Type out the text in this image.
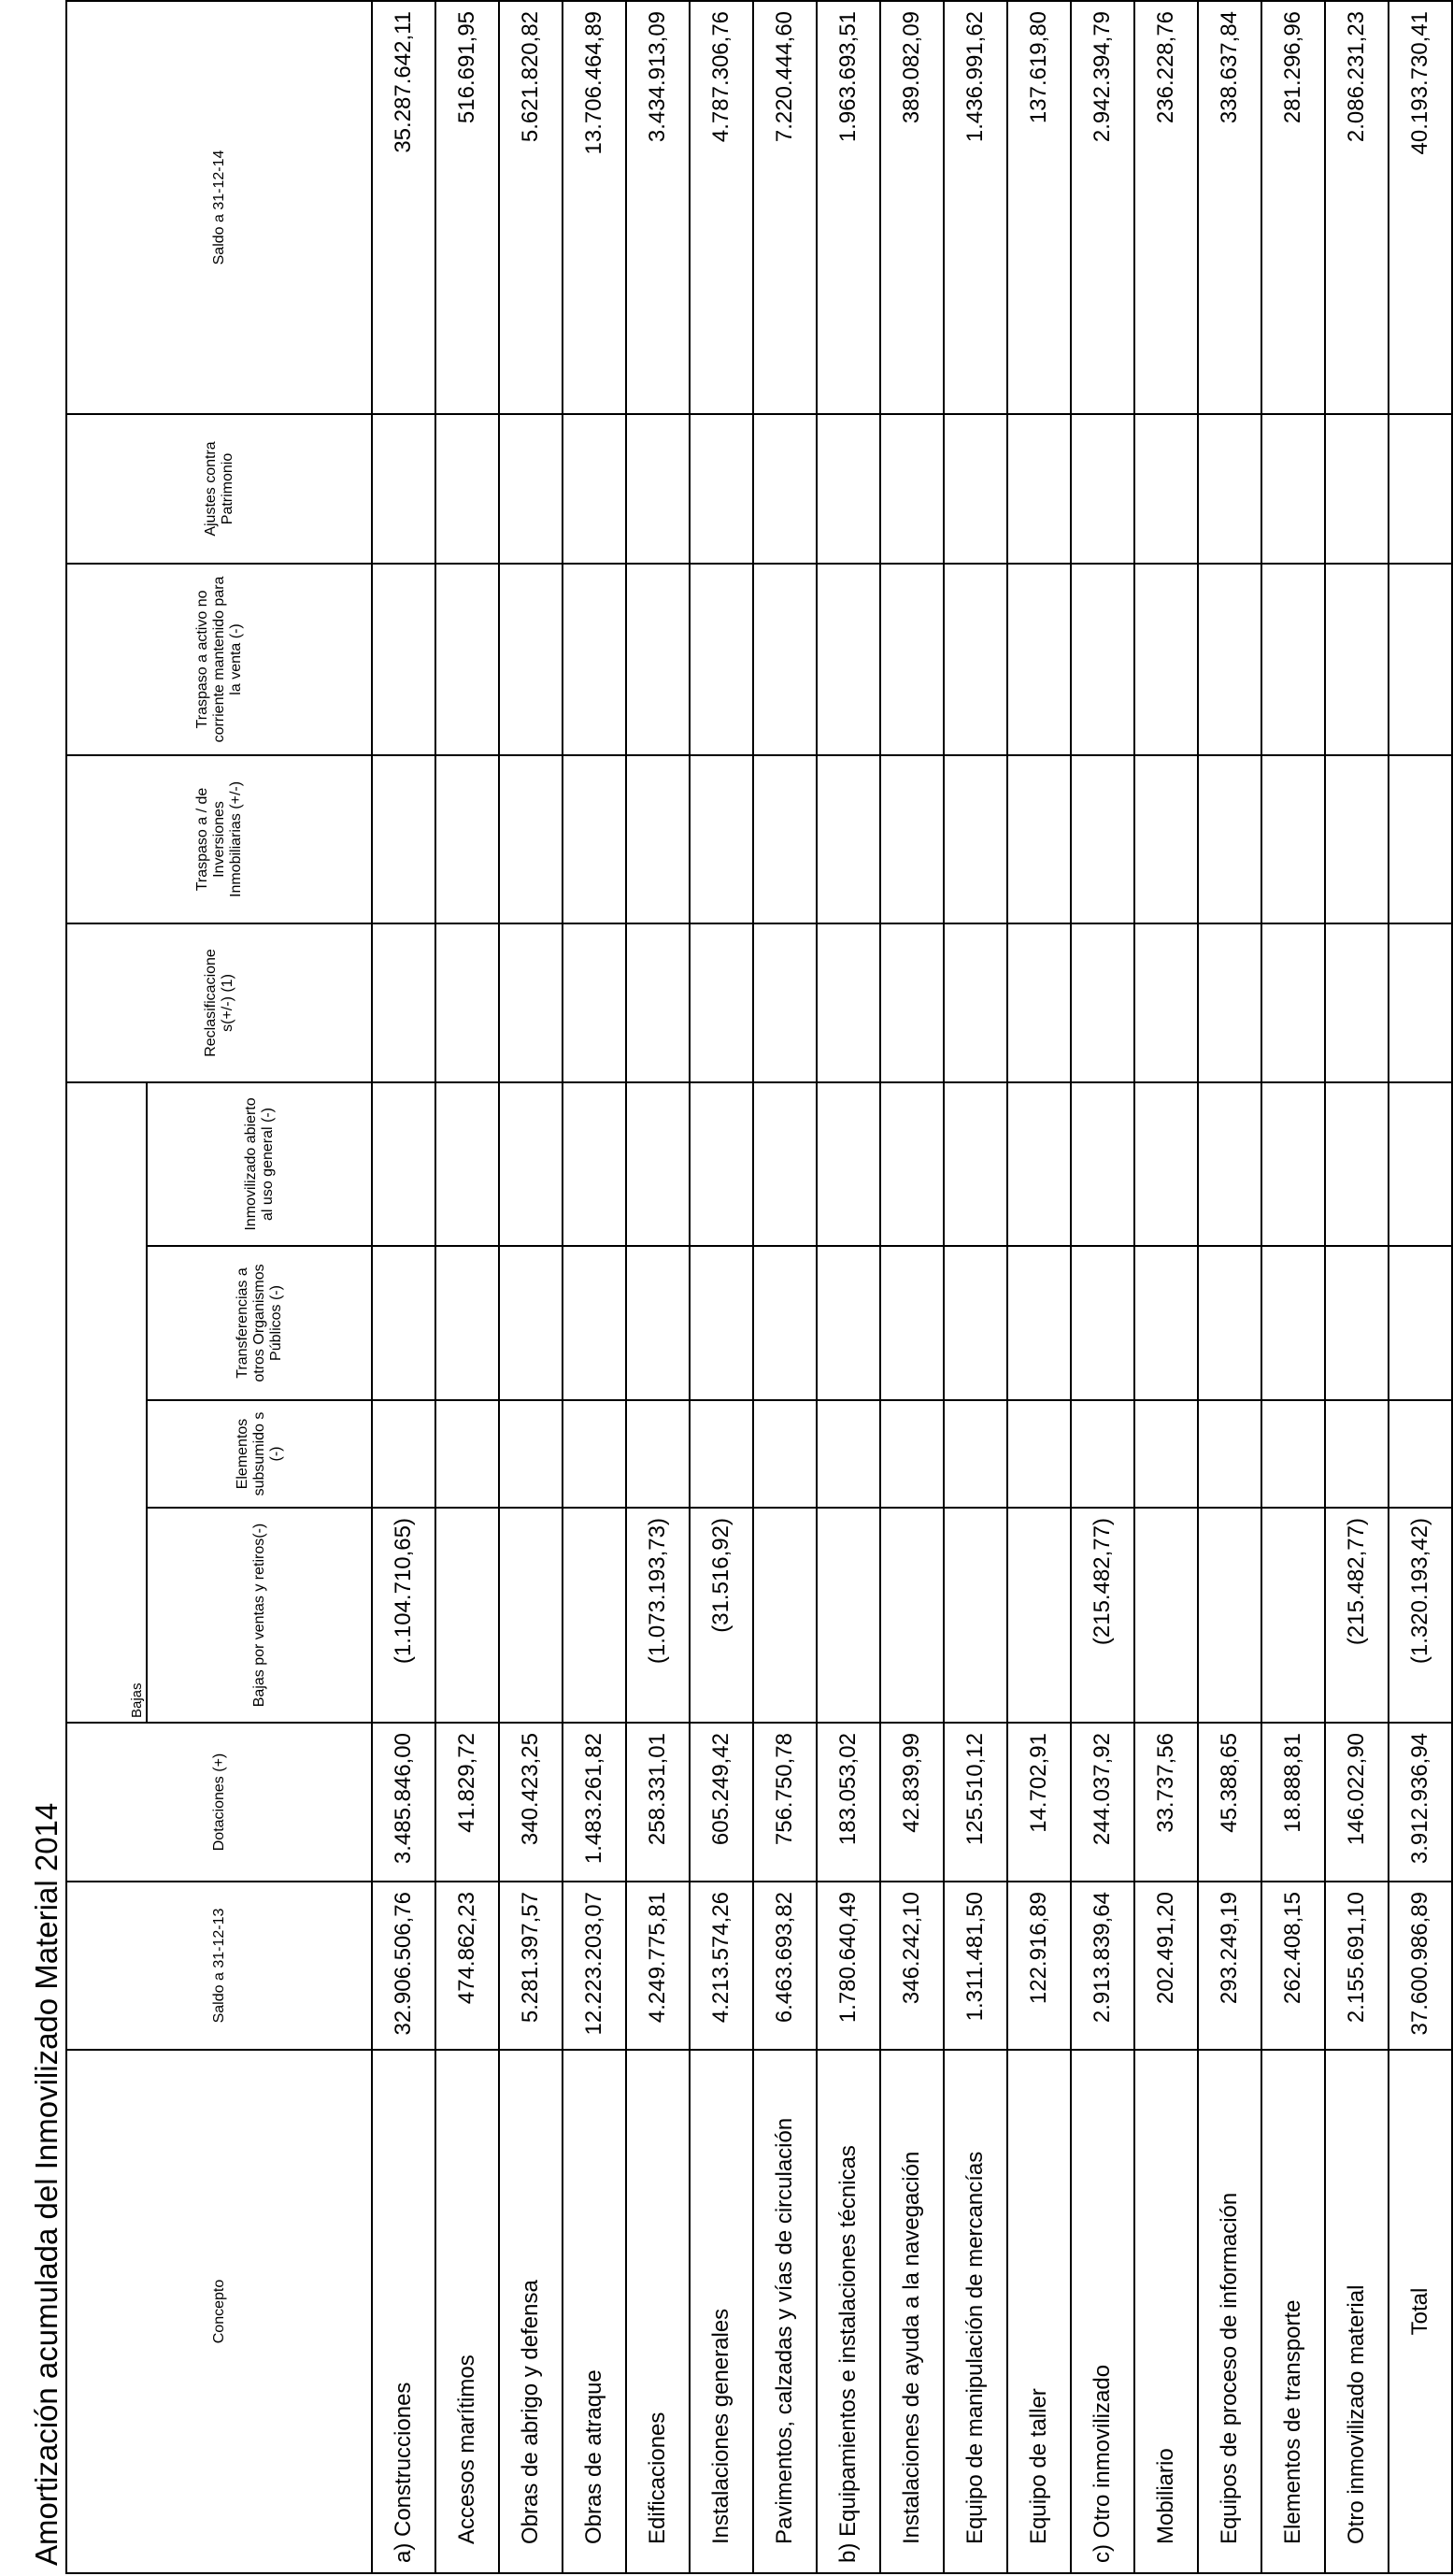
Amortización acumulada del Inmovilizado Material 2014	Concepto	Saldo a 31-12-13	Dotaciones (+)	Bajas				Reclasificacione s(+/-) (1)	Traspaso a / de Inversiones Inmobiliarias (+/-)	Traspaso a activo no corriente mantenido para la venta (-)	Ajustes contra Patrimonio	Saldo a 31-12-14
			Bajas por ventas y retiros(-)	Elementos subsumido s (-)	Transferencias a otros Organismos Públicos (-)	Inmovilizado abierto al uso general (-)					
a) Construcciones	32.906.506,76	3.485.846,00	(1.104.710,65)								35.287.642,11
Accesos marítimos	474.862,23	41.829,72									516.691,95
Obras de abrigo y defensa	5.281.397,57	340.423,25									5.621.820,82
Obras de atraque	12.223.203,07	1.483.261,82									13.706.464,89
Edificaciones	4.249.775,81	258.331,01	(1.073.193,73)								3.434.913,09
Instalaciones generales	4.213.574,26	605.249,42	(31.516,92)								4.787.306,76
Pavimentos, calzadas y vías de circulación	6.463.693,82	756.750,78									7.220.444,60
b) Equipamientos e instalaciones técnicas	1.780.640,49	183.053,02									1.963.693,51
Instalaciones de ayuda a la navegación	346.242,10	42.839,99									389.082,09
Equipo de manipulación de mercancías	1.311.481,50	125.510,12									1.436.991,62
Equipo de taller	122.916,89	14.702,91									137.619,80
c) Otro inmovilizado	2.913.839,64	244.037,92	(215.482,77)								2.942.394,79
Mobiliario	202.491,20	33.737,56									236.228,76
Equipos de proceso de información	293.249,19	45.388,65									338.637,84
Elementos de transporte	262.408,15	18.888,81									281.296,96
Otro inmovilizado material	2.155.691,10	146.022,90	(215.482,77)								2.086.231,23
Total	37.600.986,89	3.912.936,94	(1.320.193,42)								40.193.730,41
